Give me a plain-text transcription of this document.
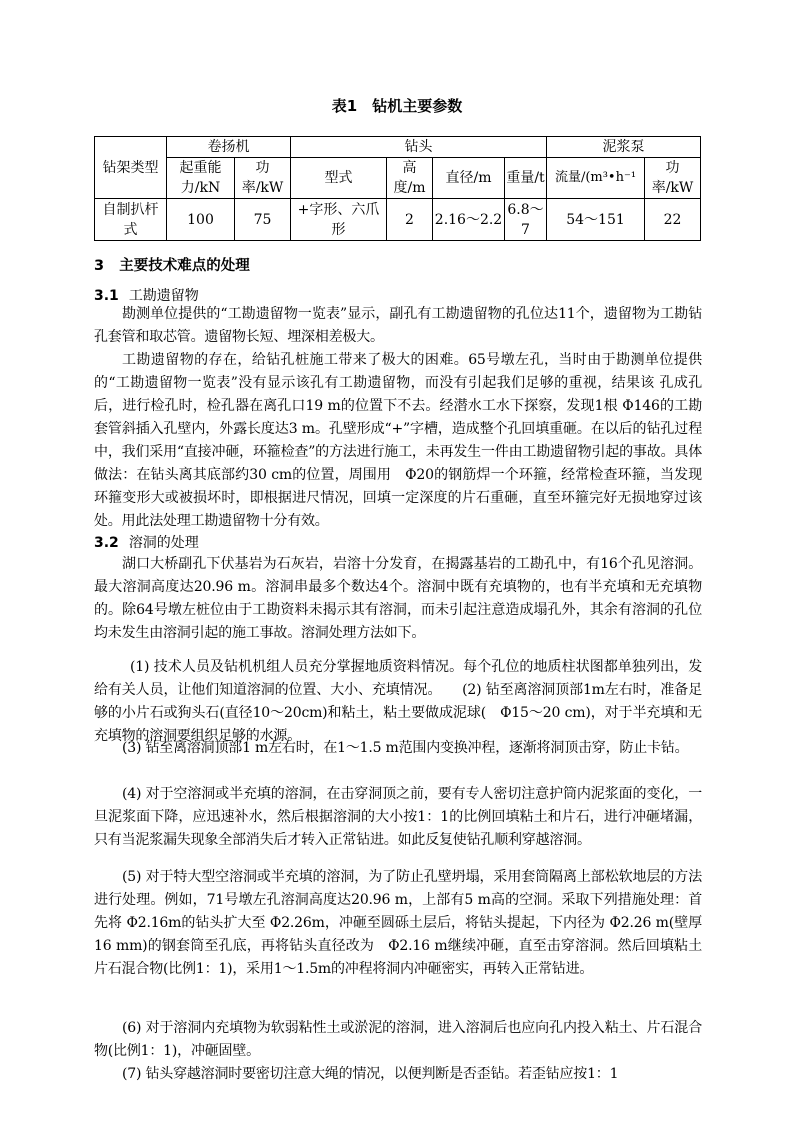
表1　钻机主要参数
钻架类型	卷扬机		钻头				泥浆泵	
	起重能力/kN	功率/kW	型式	高度/m	直径/m	重量/t	流量/(m³•h⁻¹	功率/kW
自制扒杆式	100	75	+字形、六爪形	2	2.16～2.2	6.8～7	54～151	22
3 主要技术难点的处理
3.1 工勘遗留物

勘测单位提供的“工勘遗留物一览表”显示，副孔有工勘遗留物的孔位达11个，遗留物为工勘钻孔套管和取芯管。遗留物长短、埋深相差极大。

工勘遗留物的存在，给钻孔桩施工带来了极大的困难。65号墩左孔，当时由于勘测单位提供的“工勘遗留物一览表”没有显示该孔有工勘遗留物，而没有引起我们足够的重视，结果该 孔成孔后，进行检孔时，检孔器在离孔口19 m的位置下不去。经潜水工水下探察，发现1根 Φ146的工勘套管斜插入孔壁内，外露长度达3 m。孔壁形成“+”字槽，造成整个孔回填重砸。在以后的钻孔过程中，我们采用“直接冲砸，环箍检查”的方法进行施工，未再发生一件由工勘遗留物引起的事故。具体做法：在钻头离其底部约30 cm的位置，周围用　Φ20的钢筋焊一个环箍，经常检查环箍，当发现环箍变形大或被损坏时，即根据进尺情况，回填一定深度的片石重砸，直至环箍完好无损地穿过该处。用此法处理工勘遗留物十分有效。

3.2 溶洞的处理

湖口大桥副孔下伏基岩为石灰岩，岩溶十分发育，在揭露基岩的工勘孔中，有16个孔见溶洞。最大溶洞高度达20.96 m。溶洞串最多个数达4个。溶洞中既有充填物的，也有半充填和无充填物的。除64号墩左桩位由于工勘资料未揭示其有溶洞，而未引起注意造成塌孔外，其余有溶洞的孔位均未发生由溶洞引起的施工事故。溶洞处理方法如下。

(1) 技术人员及钻机机组人员充分掌握地质资料情况。每个孔位的地质柱状图都单独列出，发给有关人员，让他们知道溶洞的位置、大小、充填情况。　　(2) 钻至离溶洞顶部1m左右时，准备足够的小片石或狗头石(直径10～20cm)和粘土，粘土要做成泥球(　Φ15～20 cm)，对于半充填和无充填物的溶洞要组织足够的水源。

(3) 钻至离溶洞顶部1 m左右时，在1～1.5 m范围内变换冲程，逐渐将洞顶击穿，防止卡钻。

(4) 对于空溶洞或半充填的溶洞，在击穿洞顶之前，要有专人密切注意护筒内泥浆面的变化，一旦泥浆面下降，应迅速补水，然后根据溶洞的大小按1：1的比例回填粘土和片石，进行冲砸堵漏，只有当泥浆漏失现象全部消失后才转入正常钻进。如此反复使钻孔顺利穿越溶洞。

(5) 对于特大型空溶洞或半充填的溶洞，为了防止孔壁坍塌，采用套筒隔离上部松软地层的方法进行处理。例如，71号墩左孔溶洞高度达20.96 m，上部有5 m高的空洞。采取下列措施处理：首先将 Φ2.16m的钻头扩大至 Φ2.26m，冲砸至圆砾土层后，将钻头提起，下内径为 Φ2.26 m(壁厚16 mm)的钢套筒至孔底，再将钻头直径改为　Φ2.16 m继续冲砸，直至击穿溶洞。然后回填粘土片石混合物(比例1：1)，采用1～1.5m的冲程将洞内冲砸密实，再转入正常钻进。

(6) 对于溶洞内充填物为软弱粘性土或淤泥的溶洞，进入溶洞后也应向孔内投入粘土、片石混合物(比例1：1)，冲砸固壁。

(7) 钻头穿越溶洞时要密切注意大绳的情况，以便判断是否歪钻。若歪钻应按1：1
